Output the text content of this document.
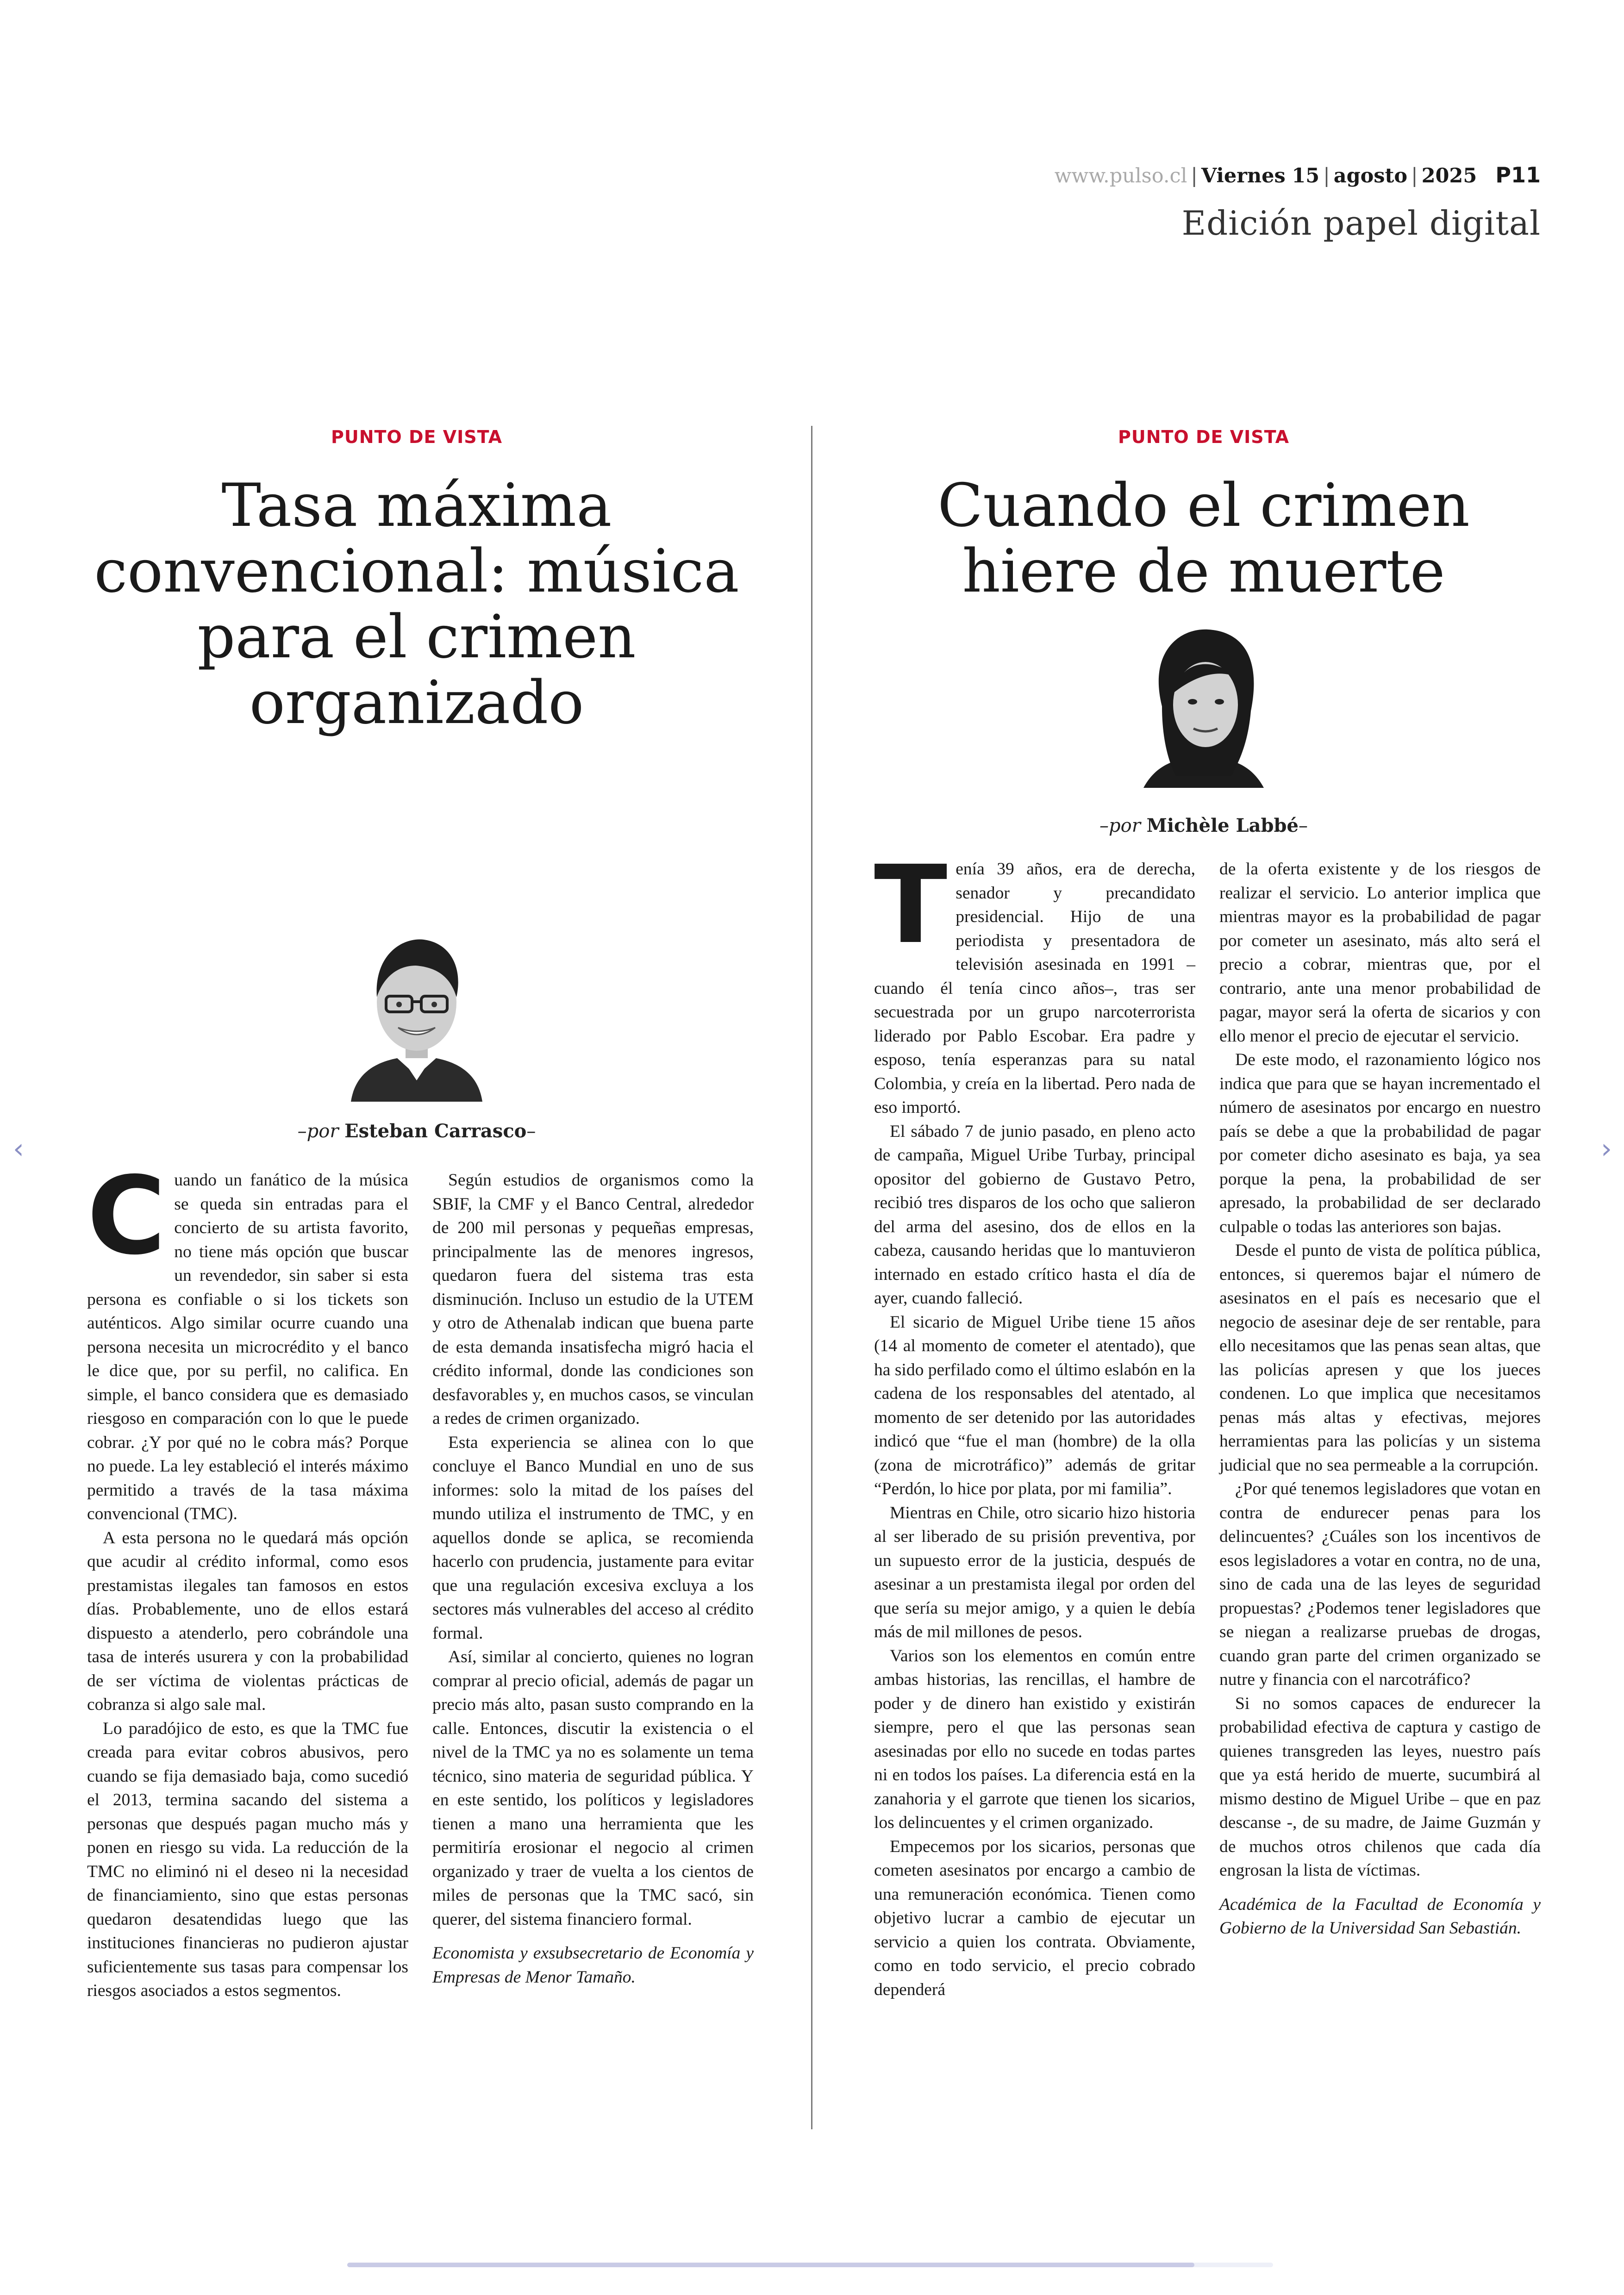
www.pulso.cl | Viernes 15 | agosto | 2025 P11
Edición papel digital
‹	›
PUNTO DE VISTA
Tasa máxima convencional: música para el crimen organizado
–por Esteban Carrasco–
C uando un fanático de la música se queda sin entradas para el concierto de su artista favorito, no tiene más opción que buscar un revendedor, sin saber si esta persona es confiable o si los tickets son auténticos. Algo similar ocurre cuando una persona necesita un microcrédito y el banco le dice que, por su perfil, no califica. En simple, el banco considera que es demasiado riesgoso en comparación con lo que le puede cobrar. ¿Y por qué no le cobra más? Porque no puede. La ley estableció el interés máximo permitido a través de la tasa máxima convencional (TMC).

A esta persona no le quedará más opción que acudir al crédito informal, como esos prestamistas ilegales tan famosos en estos días. Probablemente, uno de ellos estará dispuesto a atenderlo, pero cobrándole una tasa de interés usurera y con la probabilidad de ser víctima de violentas prácticas de cobranza si algo sale mal.

Lo paradójico de esto, es que la TMC fue creada para evitar cobros abusivos, pero cuando se fija demasiado baja, como sucedió el 2013, termina sacando del sistema a personas que después pagan mucho más y ponen en riesgo su vida. La reducción de la TMC no eliminó ni el deseo ni la necesidad de financiamiento, sino que estas personas quedaron desatendidas luego que las instituciones financieras no pudieron ajustar suficientemente sus tasas para compensar los riesgos asociados a estos segmentos.

Según estudios de organismos como la SBIF, la CMF y el Banco Central, alrededor de 200 mil personas y pequeñas empresas, principalmente las de menores ingresos, quedaron fuera del sistema tras esta disminución. Incluso un estudio de la UTEM y otro de Athenalab indican que buena parte de esta demanda insatisfecha migró hacia el crédito informal, donde las condiciones son desfavorables y, en muchos casos, se vinculan a redes de crimen organizado.

Esta experiencia se alinea con lo que concluye el Banco Mundial en uno de sus informes: solo la mitad de los países del mundo utiliza el instrumento de TMC, y en aquellos donde se aplica, se recomienda hacerlo con prudencia, justamente para evitar que una regulación excesiva excluya a los sectores más vulnerables del acceso al crédito formal.

Así, similar al concierto, quienes no logran comprar al precio oficial, además de pagar un precio más alto, pasan susto comprando en la calle. Entonces, discutir la existencia o el nivel de la TMC ya no es solamente un tema técnico, sino materia de seguridad pública. Y en este sentido, los políticos y legisladores tienen a mano una herramienta que les permitiría erosionar el negocio al crimen organizado y traer de vuelta a los cientos de miles de personas que la TMC sacó, sin querer, del sistema financiero formal.

Economista y exsubsecretario de Economía y Empresas de Menor Tamaño.

PUNTO DE VISTA
Cuando el crimen hiere de muerte
–por Michèle Labbé–
T enía 39 años, era de derecha, senador y precandidato presidencial. Hijo de una periodista y presentadora de televisión asesinada en 1991 –cuando él tenía cinco años–, tras ser secuestrada por un grupo narcoterrorista liderado por Pablo Escobar. Era padre y esposo, tenía esperanzas para su natal Colombia, y creía en la libertad. Pero nada de eso importó.

El sábado 7 de junio pasado, en pleno acto de campaña, Miguel Uribe Turbay, principal opositor del gobierno de Gustavo Petro, recibió tres disparos de los ocho que salieron del arma del asesino, dos de ellos en la cabeza, causando heridas que lo mantuvieron internado en estado crítico hasta el día de ayer, cuando falleció.

El sicario de Miguel Uribe tiene 15 años (14 al momento de cometer el atentado), que ha sido perfilado como el último eslabón en la cadena de los responsables del atentado, al momento de ser detenido por las autoridades indicó que “fue el man (hombre) de la olla (zona de microtráfico)” además de gritar “Perdón, lo hice por plata, por mi familia”.

Mientras en Chile, otro sicario hizo historia al ser liberado de su prisión preventiva, por un supuesto error de la justicia, después de asesinar a un prestamista ilegal por orden del que sería su mejor amigo, y a quien le debía más de mil millones de pesos.

Varios son los elementos en común entre ambas historias, las rencillas, el hambre de poder y de dinero han existido y existirán siempre, pero el que las personas sean asesinadas por ello no sucede en todas partes ni en todos los países. La diferencia está en la zanahoria y el garrote que tienen los sicarios, los delincuentes y el crimen organizado.

Empecemos por los sicarios, personas que cometen asesinatos por encargo a cambio de una remuneración económica. Tienen como objetivo lucrar a cambio de ejecutar un servicio a quien los contrata. Obviamente, como en todo servicio, el precio cobrado dependerá

de la oferta existente y de los riesgos de realizar el servicio. Lo anterior implica que mientras mayor es la probabilidad de pagar por cometer un asesinato, más alto será el precio a cobrar, mientras que, por el contrario, ante una menor probabilidad de pagar, mayor será la oferta de sicarios y con ello menor el precio de ejecutar el servicio.

De este modo, el razonamiento lógico nos indica que para que se hayan incrementado el número de asesinatos por encargo en nuestro país se debe a que la probabilidad de pagar por cometer dicho asesinato es baja, ya sea porque la pena, la probabilidad de ser apresado, la probabilidad de ser declarado culpable o todas las anteriores son bajas.

Desde el punto de vista de política pública, entonces, si queremos bajar el número de asesinatos en el país es necesario que el negocio de asesinar deje de ser rentable, para ello necesitamos que las penas sean altas, que las policías apresen y que los jueces condenen. Lo que implica que necesitamos penas más altas y efectivas, mejores herramientas para las policías y un sistema judicial que no sea permeable a la corrupción.

¿Por qué tenemos legisladores que votan en contra de endurecer penas para los delincuentes? ¿Cuáles son los incentivos de esos legisladores a votar en contra, no de una, sino de cada una de las leyes de seguridad propuestas? ¿Podemos tener legisladores que se niegan a realizarse pruebas de drogas, cuando gran parte del crimen organizado se nutre y financia con el narcotráfico?

Si no somos capaces de endurecer la probabilidad efectiva de captura y castigo de quienes transgreden las leyes, nuestro país que ya está herido de muerte, sucumbirá al mismo destino de Miguel Uribe – que en paz descanse -, de su madre, de Jaime Guzmán y de muchos otros chilenos que cada día engrosan la lista de víctimas.

Académica de la Facultad de Economía y Gobierno de la Universidad San Sebastián.
